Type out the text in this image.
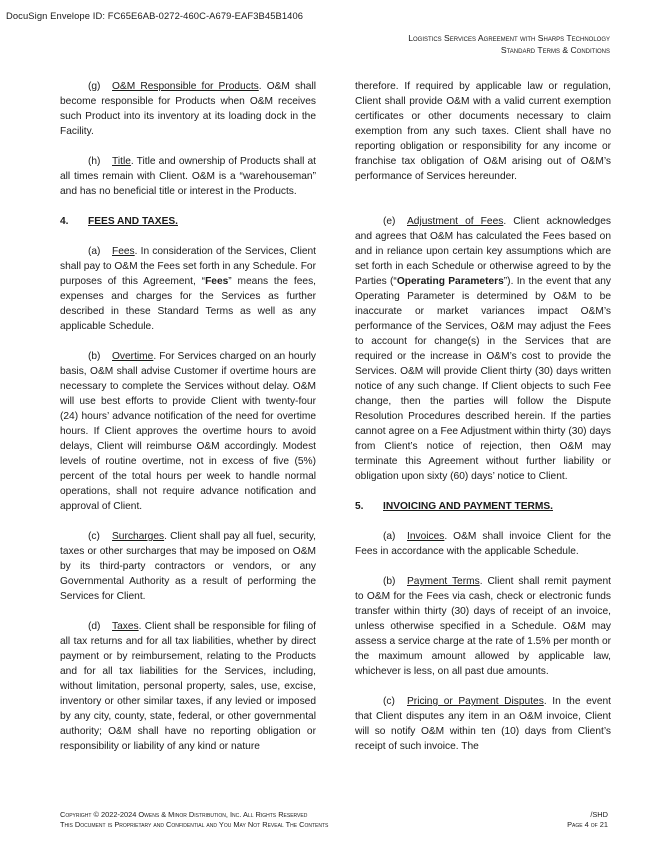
DocuSign Envelope ID: FC65E6AB-0272-460C-A679-EAF3B45B1406
Logistics Services Agreement with Sharps Technology
Standard Terms & Conditions

(g) O&M Responsible for Products. O&M shall become responsible for Products when O&M receives such Product into its inventory at its loading dock in the Facility.

(h) Title. Title and ownership of Products shall at all times remain with Client. O&M is a “warehouseman” and has no beneficial title or interest in the Products.

4. FEES AND TAXES.

(a) Fees. In consideration of the Services, Client shall pay to O&M the Fees set forth in any Schedule. For purposes of this Agreement, “Fees” means the fees, expenses and charges for the Services as further described in these Standard Terms as well as any applicable Schedule.

(b) Overtime. For Services charged on an hourly basis, O&M shall advise Customer if overtime hours are necessary to complete the Services without delay. O&M will use best efforts to provide Client with twenty-four (24) hours’ advance notification of the need for overtime hours. If Client approves the overtime hours to avoid delays, Client will reimburse O&M accordingly. Modest levels of routine overtime, not in excess of five (5%) percent of the total hours per week to handle normal operations, shall not require advance notification and approval of Client.

(c) Surcharges. Client shall pay all fuel, security, taxes or other surcharges that may be imposed on O&M by its third-party contractors or vendors, or any Governmental Authority as a result of performing the Services for Client.

(d) Taxes. Client shall be responsible for filing of all tax returns and for all tax liabilities, whether by direct payment or by reimbursement, relating to the Products and for all tax liabilities for the Services, including, without limitation, personal property, sales, use, excise, inventory or other similar taxes, if any levied or imposed by any city, county, state, federal, or other governmental authority; O&M shall have no reporting obligation or responsibility or liability of any kind or nature

therefore. If required by applicable law or regulation, Client shall provide O&M with a valid current exemption certificates or other documents necessary to claim exemption from any such taxes. Client shall have no reporting obligation or responsibility for any income or franchise tax obligation of O&M arising out of O&M’s performance of Services hereunder.

(e) Adjustment of Fees. Client acknowledges and agrees that O&M has calculated the Fees based on and in reliance upon certain key assumptions which are set forth in each Schedule or otherwise agreed to by the Parties (“Operating Parameters”). In the event that any Operating Parameter is determined by O&M to be inaccurate or market variances impact O&M’s performance of the Services, O&M may adjust the Fees to account for change(s) in the Services that are required or the increase in O&M’s cost to provide the Services. O&M will provide Client thirty (30) days written notice of any such change. If Client objects to such Fee change, then the parties will follow the Dispute Resolution Procedures described herein. If the parties cannot agree on a Fee Adjustment within thirty (30) days from Client’s notice of rejection, then O&M may terminate this Agreement without further liability or obligation upon sixty (60) days’ notice to Client.

5. INVOICING AND PAYMENT TERMS.

(a) Invoices. O&M shall invoice Client for the Fees in accordance with the applicable Schedule.

(b) Payment Terms. Client shall remit payment to O&M for the Fees via cash, check or electronic funds transfer within thirty (30) days of receipt of an invoice, unless otherwise specified in a Schedule. O&M may assess a service charge at the rate of 1.5% per month or the maximum amount allowed by applicable law, whichever is less, on all past due amounts.

(c) Pricing or Payment Disputes. In the event that Client disputes any item in an O&M invoice, Client will so notify O&M within ten (10) days from Client’s receipt of such invoice. The

Copyright © 2022-2024 Owens & Minor Distribution, Inc. All Rights Reserved
This Document is Proprietary and Confidential and You May Not Reveal The Contents
/SHD
Page 4 of 21
